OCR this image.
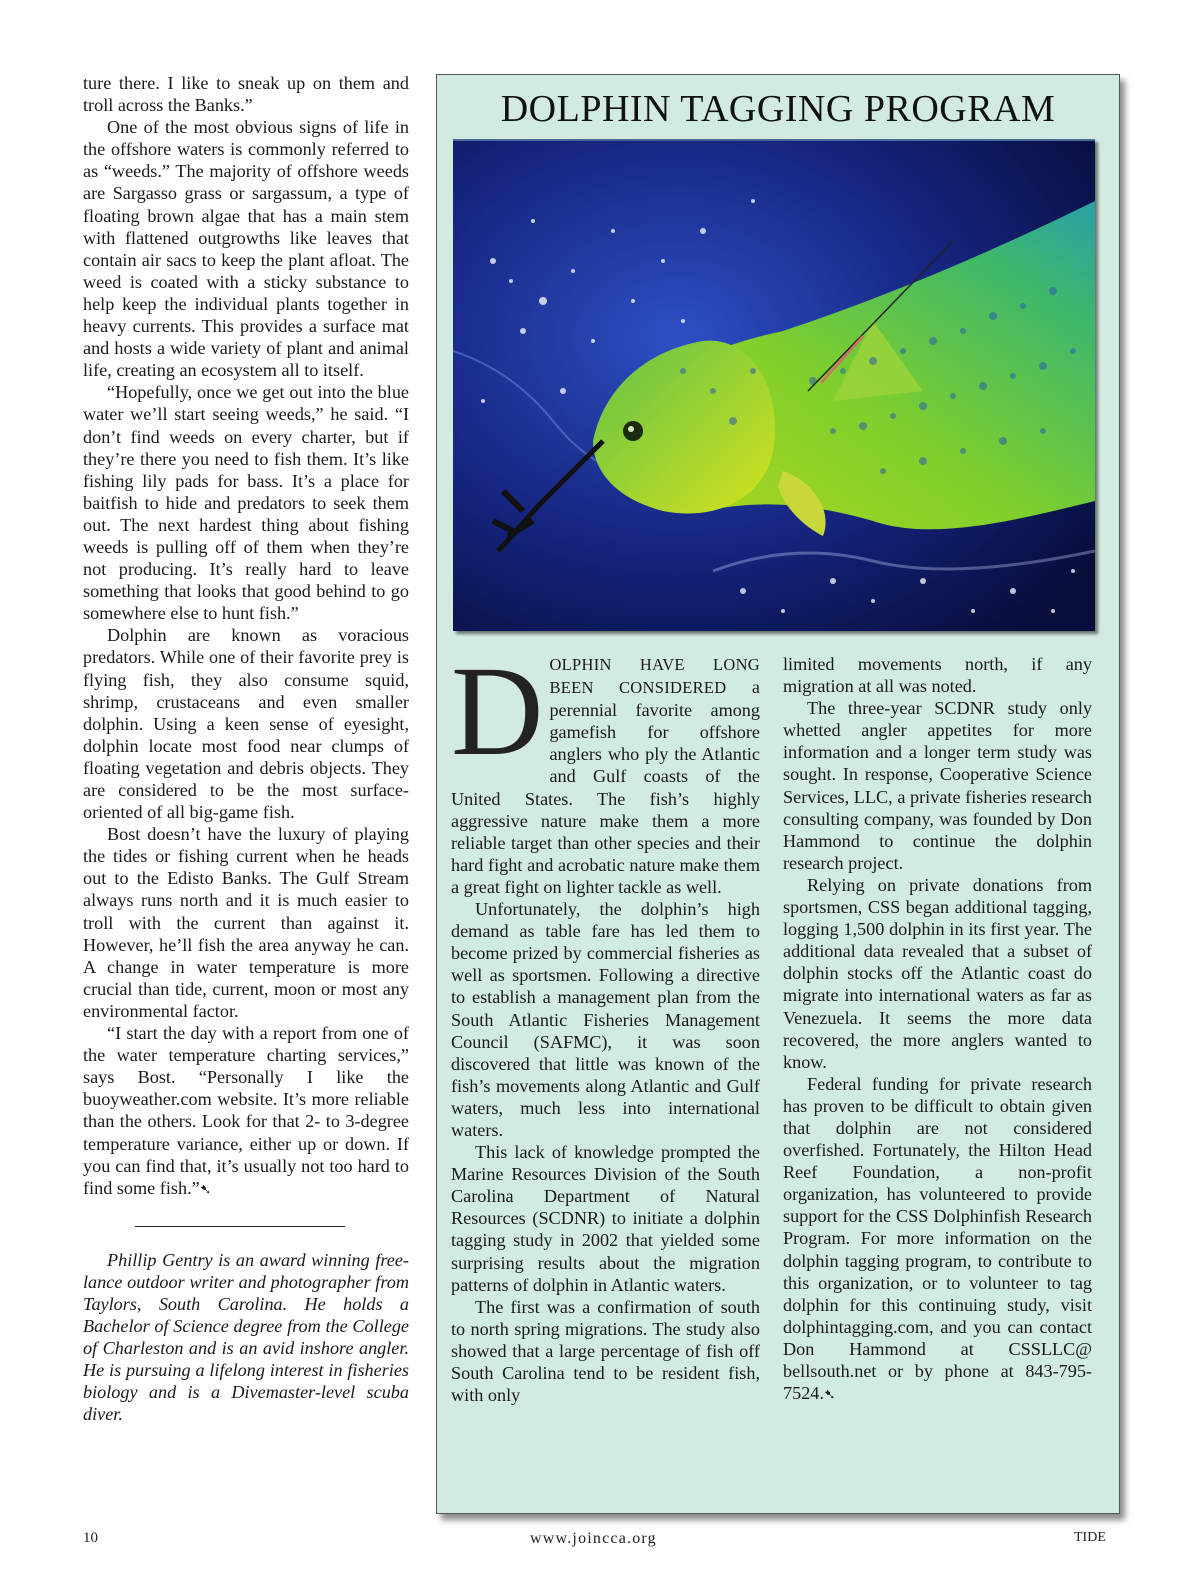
ture there. I like to sneak up on them and troll across the Banks.”

One of the most obvious signs of life in the offshore waters is commonly referred to as “weeds.” The majority of offshore weeds are Sargasso grass or sargassum, a type of floating brown algae that has a main stem with flattened outgrowths like leaves that contain air sacs to keep the plant afloat. The weed is coated with a sticky substance to help keep the individual plants together in heavy currents. This provides a surface mat and hosts a wide variety of plant and animal life, creating an ecosystem all to itself.

“Hopefully, once we get out into the blue water we’ll start seeing weeds,” he said. “I don’t find weeds on every charter, but if they’re there you need to fish them. It’s like fishing lily pads for bass. It’s a place for baitfish to hide and predators to seek them out. The next hardest thing about fishing weeds is pulling off of them when they’re not producing. It’s really hard to leave something that looks that good behind to go somewhere else to hunt fish.”

Dolphin are known as voracious predators. While one of their favorite prey is flying fish, they also consume squid, shrimp, crustaceans and even smaller dolphin. Using a keen sense of eyesight, dolphin locate most food near clumps of floating vegetation and debris objects. They are considered to be the most surface-oriented of all big-game fish.

Bost doesn’t have the luxury of playing the tides or fishing current when he heads out to the Edisto Banks. The Gulf Stream always runs north and it is much easier to troll with the current than against it. However, he’ll fish the area anyway he can. A change in water temperature is more crucial than tide, current, moon or most any environmental factor.

“I start the day with a report from one of the water temperature charting services,” says Bost. “Personally I like the buoyweather.com website. It’s more reliable than the others. Look for that 2- to 3-degree temperature variance, either up or down. If you can find that, it’s usually not too hard to find some fish.”➷

Phillip Gentry is an award winning free-lance outdoor writer and photographer from Taylors, South Carolina. He holds a Bachelor of Science degree from the College of Charleston and is an avid inshore angler. He is pursuing a lifelong interest in fisheries biology and is a Divemaster-level scuba diver.

DOLPHIN TAGGING PROGRAM

DOLPHIN HAVE LONG BEEN CONSIDERED a perennial favorite among gamefish for offshore anglers who ply the Atlantic and Gulf coasts of the United States. The fish’s highly aggressive nature make them a more reliable target than other species and their hard fight and acrobatic nature make them a great fight on lighter tackle as well.

Unfortunately, the dolphin’s high demand as table fare has led them to become prized by commercial fisheries as well as sportsmen. Following a directive to establish a management plan from the South Atlantic Fisheries Management Council (SAFMC), it was soon discovered that little was known of the fish’s movements along Atlantic and Gulf waters, much less into international waters.

This lack of knowledge prompted the Marine Resources Division of the South Carolina Department of Natural Resources (SCDNR) to initiate a dolphin tagging study in 2002 that yielded some surprising results about the migration patterns of dolphin in Atlantic waters.

The first was a confirmation of south to north spring migrations. The study also showed that a large percentage of fish off South Carolina tend to be resident fish, with only

limited movements north, if any migration at all was noted.

The three-year SCDNR study only whetted angler appetites for more information and a longer term study was sought. In response, Cooperative Science Services, LLC, a private fisheries research consulting company, was founded by Don Hammond to continue the dolphin research project.

Relying on private donations from sportsmen, CSS began additional tagging, logging 1,500 dolphin in its first year. The additional data revealed that a subset of dolphin stocks off the Atlantic coast do migrate into international waters as far as Venezuela. It seems the more data recovered, the more anglers wanted to know.

Federal funding for private research has proven to be difficult to obtain given that dolphin are not considered overfished. Fortunately, the Hilton Head Reef Foundation, a non-profit organization, has volunteered to provide support for the CSS Dolphinfish Research Program. For more information on the dolphin tagging program, to contribute to this organization, or to volunteer to tag dolphin for this continuing study, visit dolphintagging.com, and you can contact Don Hammond at CSSLLC@ bellsouth.net or by phone at 843-795-7524.➷

10	www.joincca.org	TIDE
